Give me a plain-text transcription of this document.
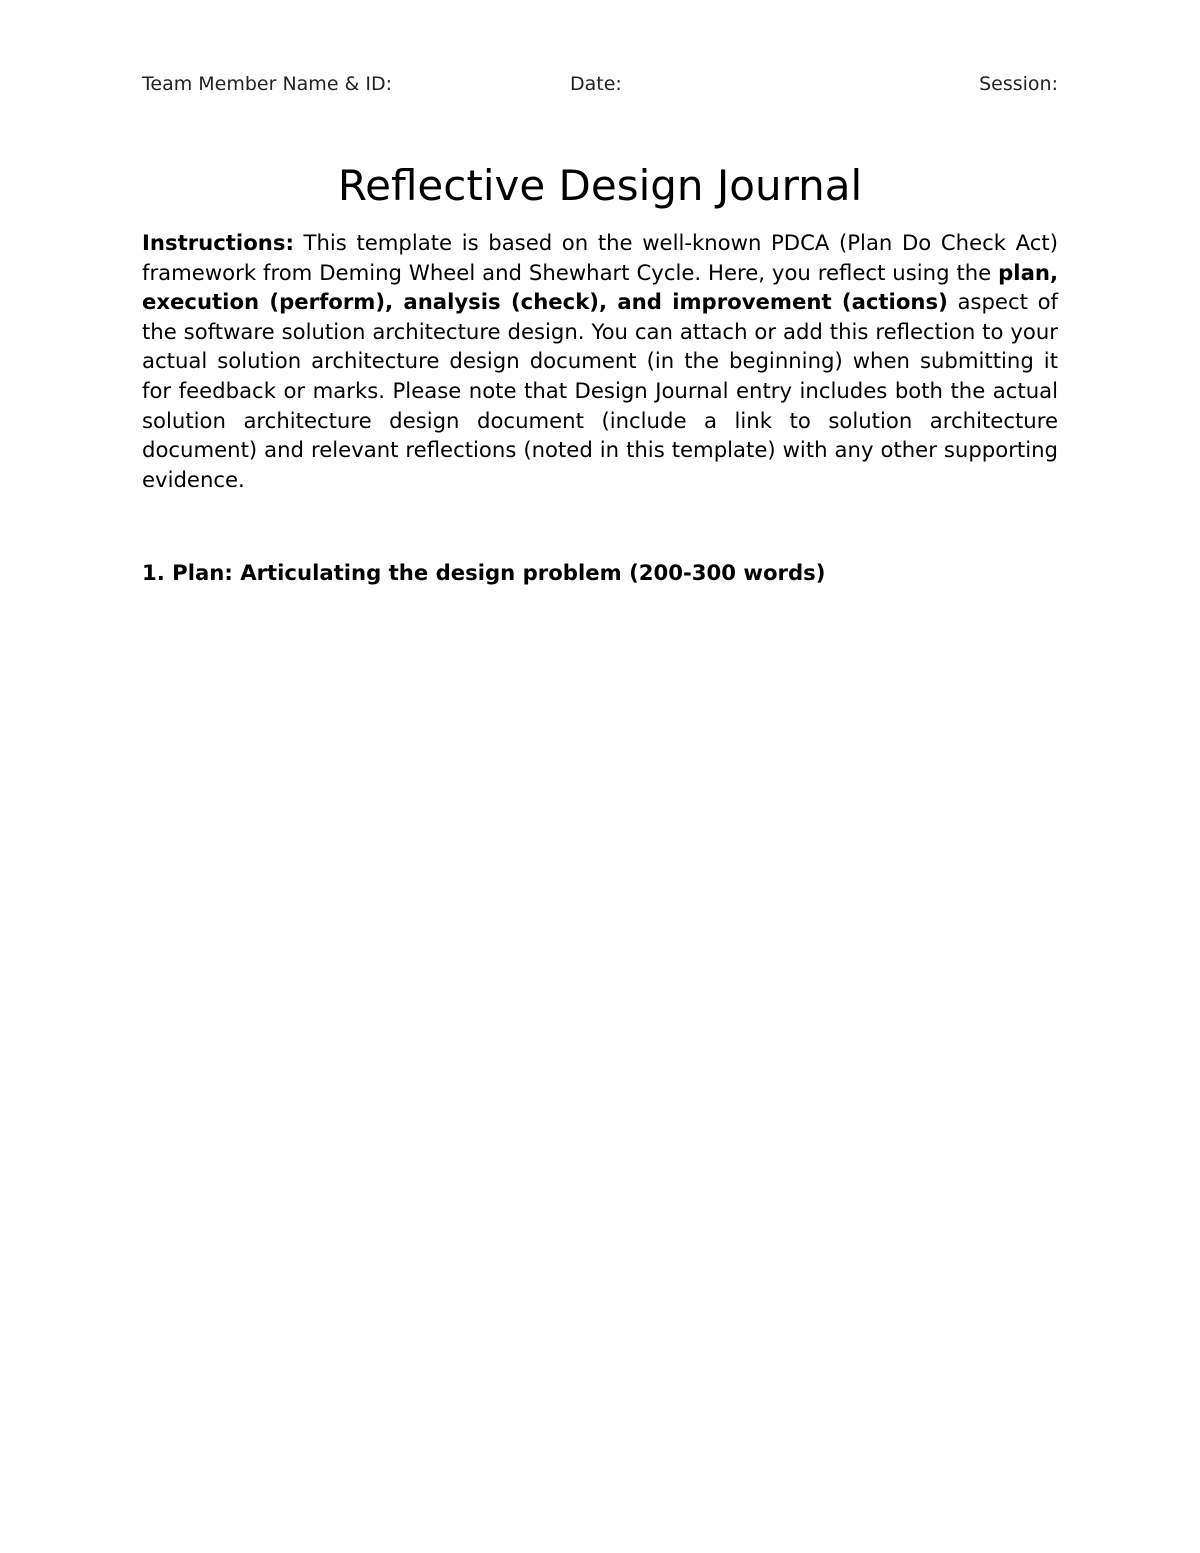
Team Member Name & ID:	Date:	Session:
Reflective Design Journal

Instructions: This template is based on the well-known PDCA (Plan Do Check Act) framework from Deming Wheel and Shewhart Cycle. Here, you reflect using the plan, execution (perform), analysis (check), and improvement (actions) aspect of the software solution architecture design. You can attach or add this reflection to your actual solution architecture design document (in the beginning) when submitting it for feedback or marks. Please note that Design Journal entry includes both the actual solution architecture design document (include a link to solution architecture document) and relevant reflections (noted in this template) with any other supporting evidence.

1. Plan: Articulating the design problem (200-300 words)
